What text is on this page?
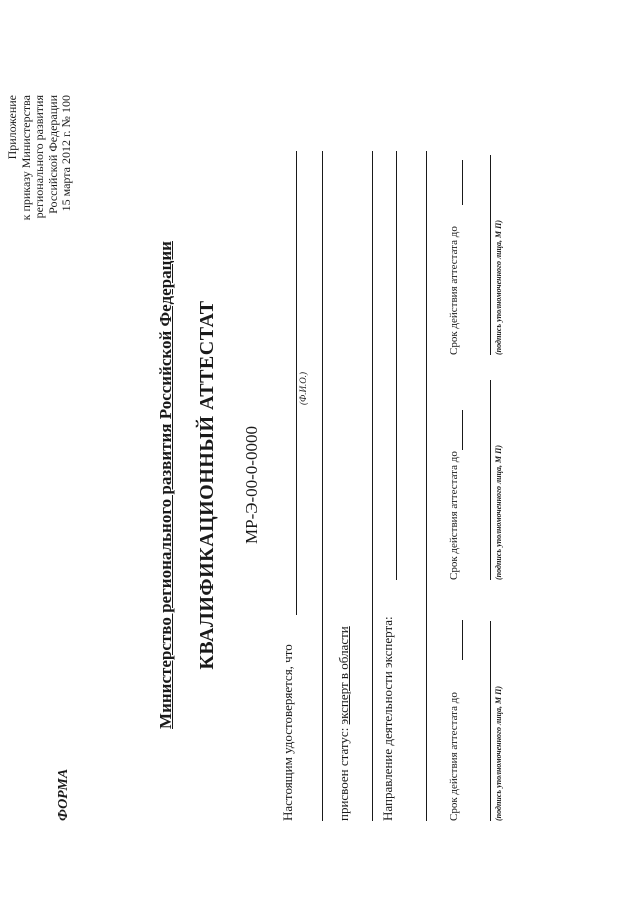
ФОРМА
Приложение к приказу Министерства регионального развития Российской Федерации 15 марта 2012 г. № 100
Министерство регионального развития Российской Федерации КВАЛИФИКАЦИОННЫЙ АТТЕСТАТ МР-Э-00-0-0000
Настоящим удостоверяется, что
(Ф.И.О.)
присвоен статус: эксперт в области Направление деятельности эксперта:	Срок действия аттестата до	(подпись уполномоченного лица, М П)
Срок действия аттестата до	(подпись уполномоченного лица, М П)
Срок действия аттестата до	(подпись уполномоченного лица, М П)
